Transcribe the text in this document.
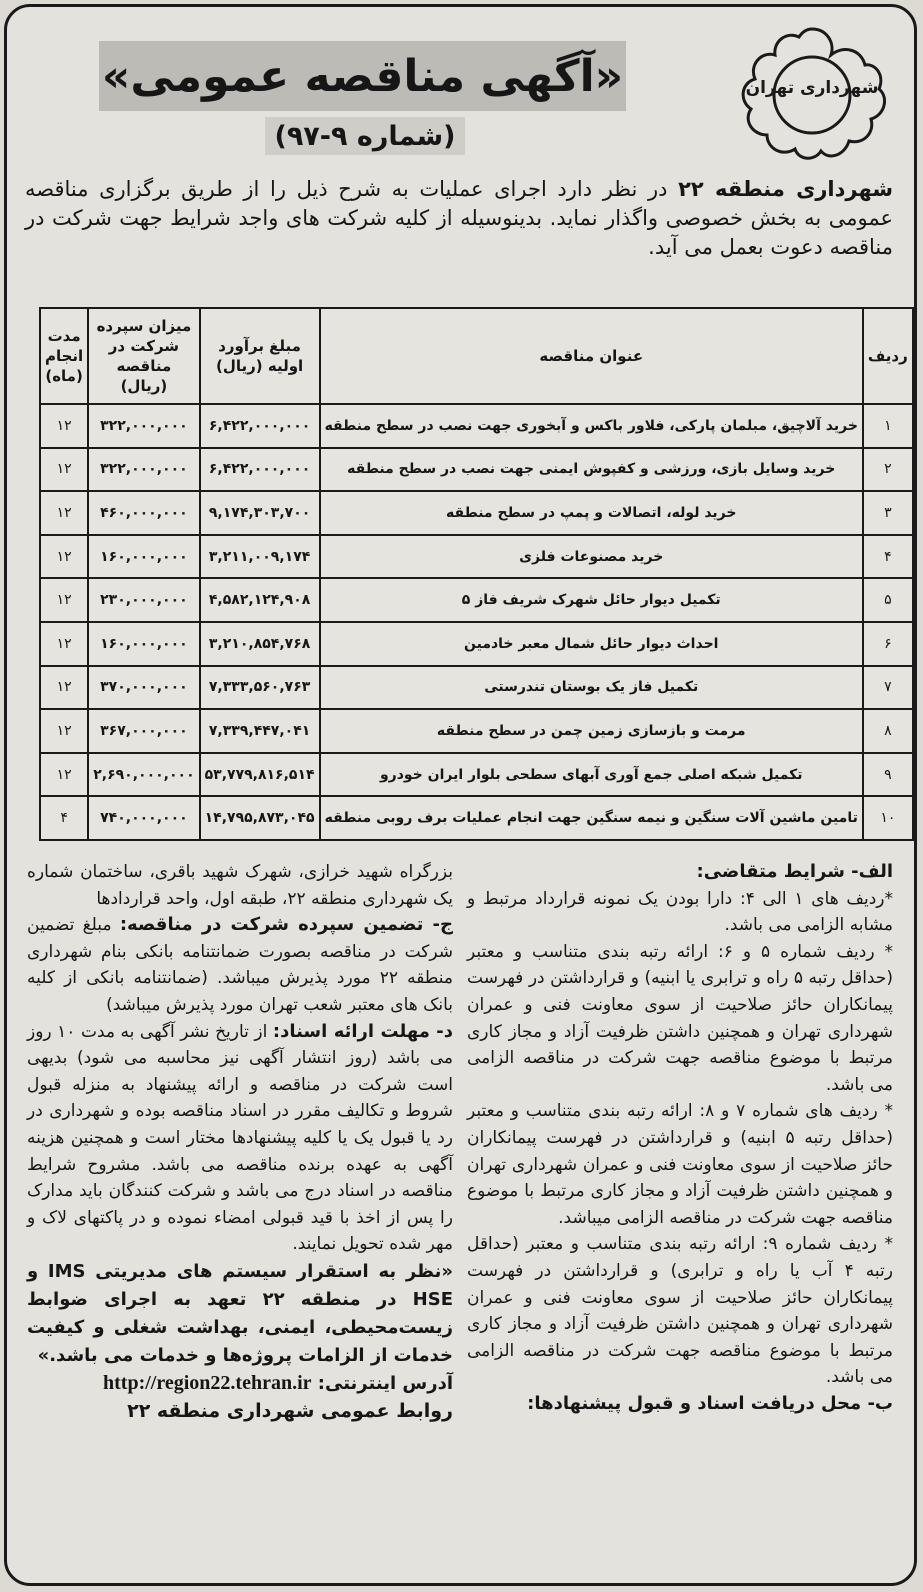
«آگهی مناقصه عمومی»
(شماره ۹-۹۷)
شهرداری تهران
شهرداری منطقه ۲۲ در نظر دارد اجرای عملیات به شرح ذیل را از طریق برگزاری مناقصه عمومی به بخش خصوصی واگذار نماید. بدینوسیله از کلیه شرکت های واجد شرایط جهت شرکت در مناقصه دعوت بعمل می آید.
ردیف	عنوان مناقصه	مبلغ برآورد اولیه (ریال)	میزان سپرده شرکت در مناقصه (ریال)	مدت انجام (ماه)
۱	خرید آلاچیق، مبلمان پارکی، فلاور باکس و آبخوری جهت نصب در سطح منطقه	۶,۴۲۲,۰۰۰,۰۰۰	۳۲۲,۰۰۰,۰۰۰	۱۲
۲	خرید وسایل بازی، ورزشی و کفپوش ایمنی جهت نصب در سطح منطقه	۶,۴۲۲,۰۰۰,۰۰۰	۳۲۲,۰۰۰,۰۰۰	۱۲
۳	خرید لوله، اتصالات و پمپ در سطح منطقه	۹,۱۷۴,۳۰۳,۷۰۰	۴۶۰,۰۰۰,۰۰۰	۱۲
۴	خرید مصنوعات فلزی	۳,۲۱۱,۰۰۹,۱۷۴	۱۶۰,۰۰۰,۰۰۰	۱۲
۵	تکمیل دیوار حائل شهرک شریف فاز ۵	۴,۵۸۲,۱۲۴,۹۰۸	۲۳۰,۰۰۰,۰۰۰	۱۲
۶	احداث دیوار حائل شمال معبر خادمین	۳,۲۱۰,۸۵۴,۷۶۸	۱۶۰,۰۰۰,۰۰۰	۱۲
۷	تکمیل فاز یک بوستان تندرستی	۷,۳۳۳,۵۶۰,۷۶۳	۳۷۰,۰۰۰,۰۰۰	۱۲
۸	مرمت و بازسازی زمین چمن در سطح منطقه	۷,۳۳۹,۴۴۷,۰۴۱	۳۶۷,۰۰۰,۰۰۰	۱۲
۹	تکمیل شبکه اصلی جمع آوری آبهای سطحی بلوار ایران خودرو	۵۳,۷۷۹,۸۱۶,۵۱۴	۲,۶۹۰,۰۰۰,۰۰۰	۱۲
۱۰	تامین ماشین آلات سنگین و نیمه سنگین جهت انجام عملیات برف روبی منطقه	۱۴,۷۹۵,۸۷۳,۰۴۵	۷۴۰,۰۰۰,۰۰۰	۴

الف- شرایط متقاضی:

*ردیف های ۱ الی ۴: دارا بودن یک نمونه قرارداد مرتبط و مشابه الزامی می باشد.

* ردیف شماره ۵ و ۶: ارائه رتبه بندی متناسب و معتبر (حداقل رتبه ۵ راه و ترابری یا ابنیه) و قرارداشتن در فهرست پیمانکاران حائز صلاحیت از سوی معاونت فنی و عمران شهرداری تهران و همچنین داشتن ظرفیت آزاد و مجاز کاری مرتبط با موضوع مناقصه جهت شرکت در مناقصه الزامی می باشد.

* ردیف های شماره ۷ و ۸: ارائه رتبه بندی متناسب و معتبر (حداقل رتبه ۵ ابنیه) و قرارداشتن در فهرست پیمانکاران حائز صلاحیت از سوی معاونت فنی و عمران شهرداری تهران و همچنین داشتن ظرفیت آزاد و مجاز کاری مرتبط با موضوع مناقصه جهت شرکت در مناقصه الزامی میباشد.

* ردیف شماره ۹: ارائه رتبه بندی متناسب و معتبر (حداقل رتبه ۴ آب یا راه و ترابری) و قرارداشتن در فهرست پیمانکاران حائز صلاحیت از سوی معاونت فنی و عمران شهرداری تهران و همچنین داشتن ظرفیت آزاد و مجاز کاری مرتبط با موضوع مناقصه جهت شرکت در مناقصه الزامی می باشد.

ب- محل دریافت اسناد و قبول پیشنهادها:

بزرگراه شهید خرازی، شهرک شهید باقری، ساختمان شماره یک شهرداری منطقه ۲۲، طبقه اول، واحد قراردادها

ج- تضمین سپرده شرکت در مناقصه: مبلغ تضمین شرکت در مناقصه بصورت ضمانتنامه بانکی بنام شهرداری منطقه ۲۲ مورد پذیرش میباشد. (ضمانتنامه بانکی از کلیه بانک های معتبر شعب تهران مورد پذیرش میباشد)

د- مهلت ارائه اسناد: از تاریخ نشر آگهی به مدت ۱۰ روز می باشد (روز انتشار آگهی نیز محاسبه می شود) بدیهی است شرکت در مناقصه و ارائه پیشنهاد به منزله قبول شروط و تکالیف مقرر در اسناد مناقصه بوده و شهرداری در رد یا قبول یک یا کلیه پیشنهادها مختار است و همچنین هزینه آگهی به عهده برنده مناقصه می باشد. مشروح شرایط مناقصه در اسناد درج می باشد و شرکت کنندگان باید مدارک را پس از اخذ با قید قبولی امضاء نموده و در پاکتهای لاک و مهر شده تحویل نمایند.

«نظر به استقرار سیستم های مدیریتی IMS و HSE در منطقه ۲۲ تعهد به اجرای ضوابط زیست‌محیطی، ایمنی، بهداشت شغلی و کیفیت خدمات از الزامات پروژه‌ها و خدمات می باشد.»

آدرس اینترنتی: http://region22.tehran.ir

روابط عمومی شهرداری منطقه ۲۲
